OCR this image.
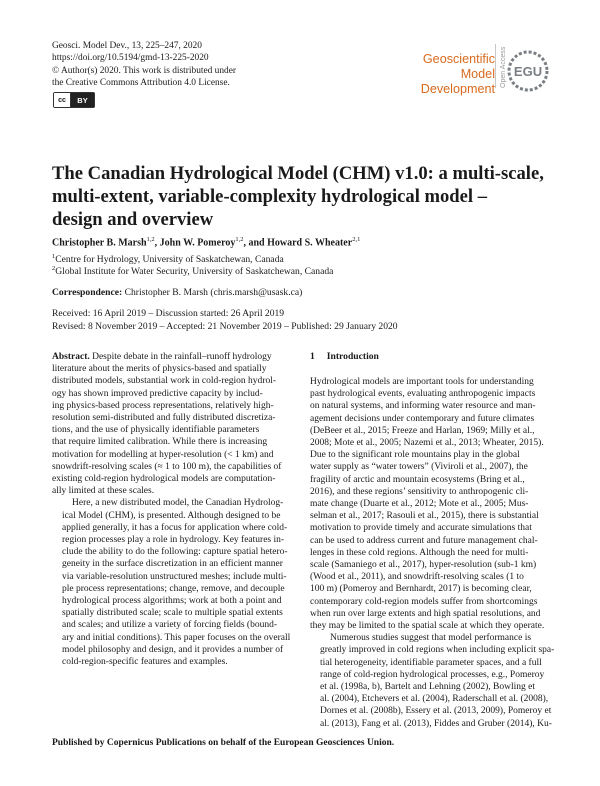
Geosci. Model Dev., 13, 225–247, 2020
https://doi.org/10.5194/gmd-13-225-2020
© Author(s) 2020. This work is distributed under
the Creative Commons Attribution 4.0 License.
cc	BY
Geoscientific
Model Development
Open Access EGU
The Canadian Hydrological Model (CHM) v1.0: a multi-scale,
multi-extent, variable-complexity hydrological model –
design and overview
Christopher B. Marsh$^{1,2}$, John W. Pomeroy$^{1,2}$, and Howard S. Wheater$^{2,1}$
$^1$Centre for Hydrology, University of Saskatchewan, Canada
$^2$Global Institute for Water Security, University of Saskatchewan, Canada
Correspondence: Christopher B. Marsh (chris.marsh@usask.ca)
Received: 16 April 2019 – Discussion started: 26 April 2019
Revised: 8 November 2019 – Accepted: 21 November 2019 – Published: 29 January 2020

Abstract. Despite debate in the rainfall–runoff hydrology
literature about the merits of physics-based and spatially
distributed models, substantial work in cold-region hydrol-
ogy has shown improved predictive capacity by includ-
ing physics-based process representations, relatively high-
resolution semi-distributed and fully distributed discretiza-
tions, and the use of physically identifiable parameters
that require limited calibration. While there is increasing
motivation for modelling at hyper-resolution (< 1 km) and
snowdrift-resolving scales (≈ 1 to 100 m), the capabilities of
existing cold-region hydrological models are computation-
ally limited at these scales.

Here, a new distributed model, the Canadian Hydrolog-
ical Model (CHM), is presented. Although designed to be
applied generally, it has a focus for application where cold-
region processes play a role in hydrology. Key features in-
clude the ability to do the following: capture spatial hetero-
geneity in the surface discretization in an efficient manner
via variable-resolution unstructured meshes; include multi-
ple process representations; change, remove, and decouple
hydrological process algorithms; work at both a point and
spatially distributed scale; scale to multiple spatial extents
and scales; and utilize a variety of forcing fields (bound-
ary and initial conditions). This paper focuses on the overall
model philosophy and design, and it provides a number of
cold-region-specific features and examples.

1 Introduction

Hydrological models are important tools for understanding
past hydrological events, evaluating anthropogenic impacts
on natural systems, and informing water resource and man-
agement decisions under contemporary and future climates
(DeBeer et al., 2015; Freeze and Harlan, 1969; Milly et al.,
2008; Mote et al., 2005; Nazemi et al., 2013; Wheater, 2015).
Due to the significant role mountains play in the global
water supply as “water towers” (Viviroli et al., 2007), the
fragility of arctic and mountain ecosystems (Bring et al.,
2016), and these regions’ sensitivity to anthropogenic cli-
mate change (Duarte et al., 2012; Mote et al., 2005; Mus-
selman et al., 2017; Rasouli et al., 2015), there is substantial
motivation to provide timely and accurate simulations that
can be used to address current and future management chal-
lenges in these cold regions. Although the need for multi-
scale (Samaniego et al., 2017), hyper-resolution (sub-1 km)
(Wood et al., 2011), and snowdrift-resolving scales (1 to
100 m) (Pomeroy and Bernhardt, 2017) is becoming clear,
contemporary cold-region models suffer from shortcomings
when run over large extents and high spatial resolutions, and
they may be limited to the spatial scale at which they operate.

Numerous studies suggest that model performance is
greatly improved in cold regions when including explicit spa-
tial heterogeneity, identifiable parameter spaces, and a full
range of cold-region hydrological processes, e.g., Pomeroy
et al. (1998a, b), Bartelt and Lehning (2002), Bowling et
al. (2004), Etchevers et al. (2004), Raderschall et al. (2008),
Dornes et al. (2008b), Essery et al. (2013, 2009), Pomeroy et
al. (2013), Fang et al. (2013), Fiddes and Gruber (2014), Ku-

Published by Copernicus Publications on behalf of the European Geosciences Union.
